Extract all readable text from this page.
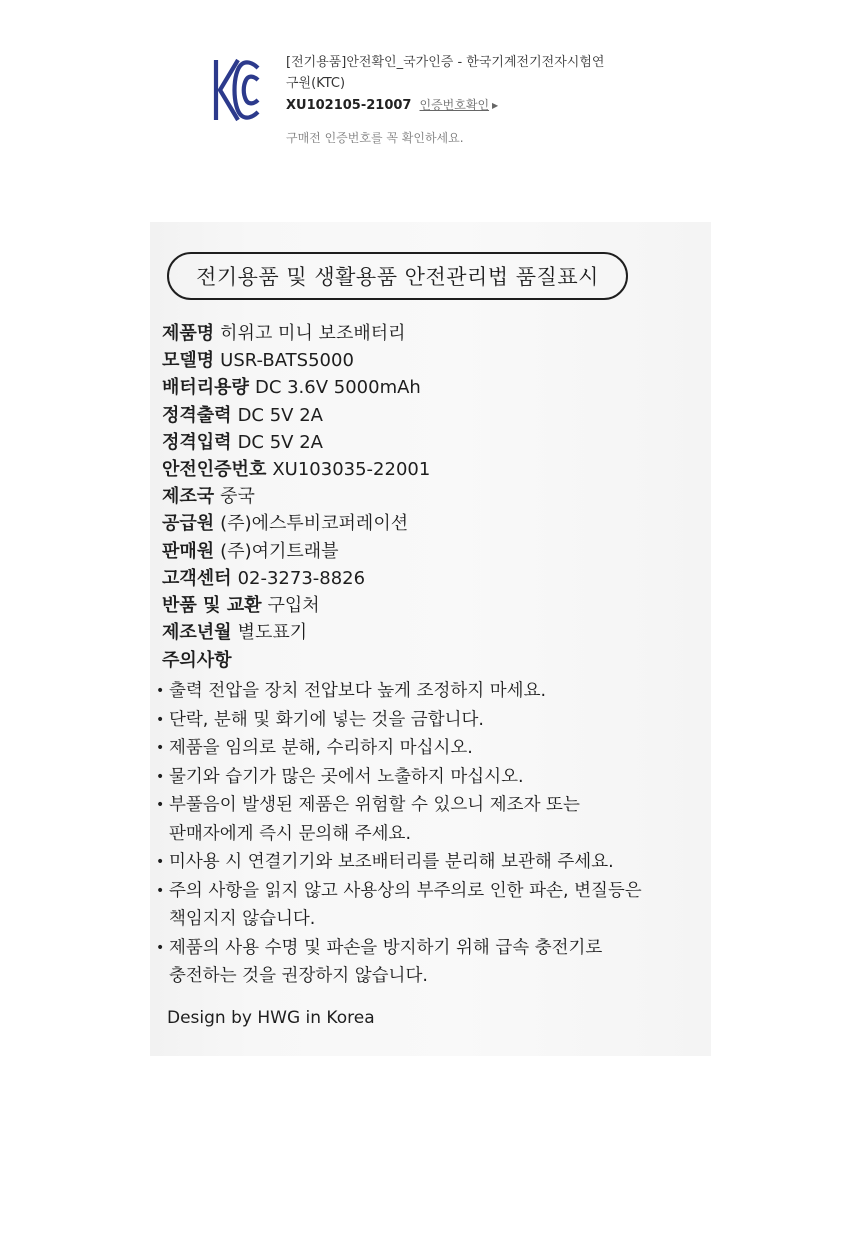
[전기용품]안전확인_국가인증 - 한국기계전기전자시험연
구원(KTC)
XU102105-21007 인증번호확인 ▶
구매전 인증번호를 꼭 확인하세요.
전기용품 및 생활용품 안전관리법 품질표시
제품명 히위고 미니 보조배터리
모델명 USR-BATS5000
배터리용량 DC 3.6V 5000mAh
정격출력 DC 5V 2A
정격입력 DC 5V 2A
안전인증번호 XU103035-22001
제조국 중국
공급원 (주)에스투비코퍼레이션
판매원 (주)여기트래블
고객센터 02-3273-8826
반품 및 교환 구입처
제조년월 별도표기
주의사항
• 출력 전압을 장치 전압보다 높게 조정하지 마세요.
• 단락, 분해 및 화기에 넣는 것을 금합니다.
• 제품을 임의로 분해, 수리하지 마십시오.
• 물기와 습기가 많은 곳에서 노출하지 마십시오.
• 부풀음이 발생된 제품은 위험할 수 있으니 제조자 또는
판매자에게 즉시 문의해 주세요.
• 미사용 시 연결기기와 보조배터리를 분리해 보관해 주세요.
• 주의 사항을 읽지 않고 사용상의 부주의로 인한 파손, 변질등은
책임지지 않습니다.
• 제품의 사용 수명 및 파손을 방지하기 위해 급속 충전기로
충전하는 것을 권장하지 않습니다.
Design by HWG in Korea
